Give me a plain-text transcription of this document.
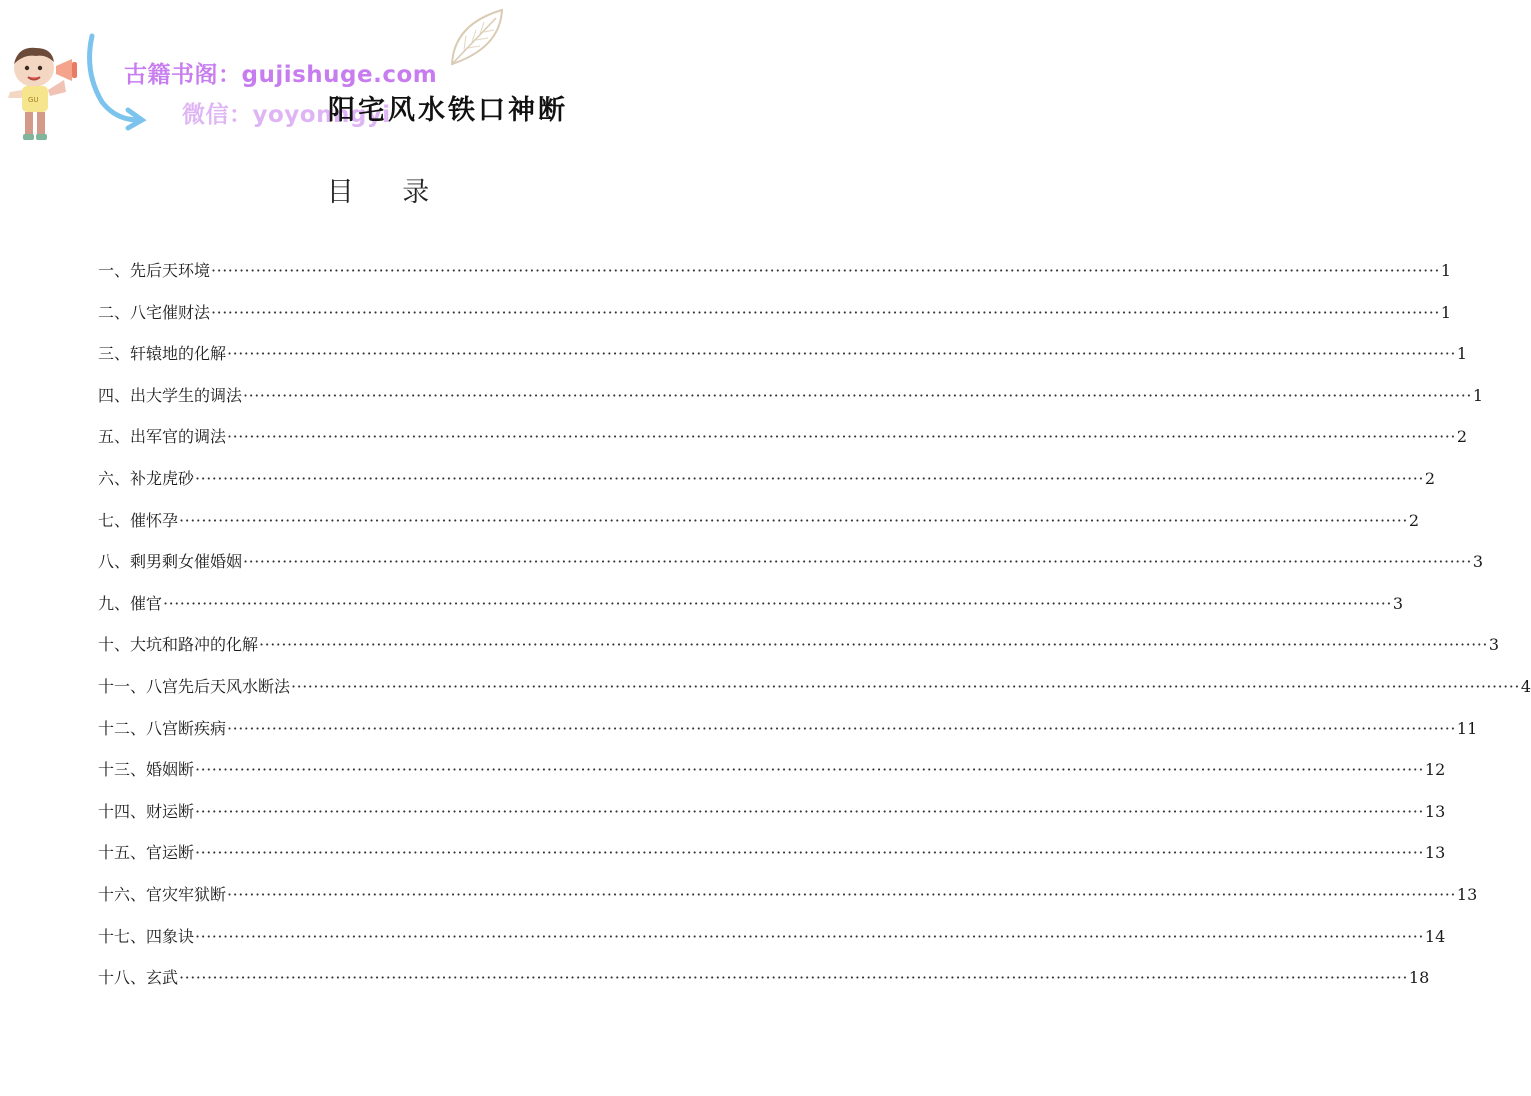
GU
古籍书阁：gujishuge.com
微信：yoyonngyi
阳宅风水铁口神断
目 录
一、先后天环境 ···························································································································································································································· 1
二、八宅催财法 ···························································································································································································································· 1
三、轩辕地的化解 ···························································································································································································································· 1
四、出大学生的调法 ···························································································································································································································· 1
五、出军官的调法 ···························································································································································································································· 2
六、补龙虎砂 ···························································································································································································································· 2
七、催怀孕 ···························································································································································································································· 2
八、剩男剩女催婚姻 ···························································································································································································································· 3
九、催官 ···························································································································································································································· 3
十、大坑和路冲的化解 ···························································································································································································································· 3
十一、八宫先后天风水断法 ···························································································································································································································· 4
十二、八宫断疾病 ···························································································································································································································· 11
十三、婚姻断 ···························································································································································································································· 12
十四、财运断 ···························································································································································································································· 13
十五、官运断 ···························································································································································································································· 13
十六、官灾牢狱断 ···························································································································································································································· 13
十七、四象诀 ···························································································································································································································· 14
十八、玄武 ···························································································································································································································· 18
